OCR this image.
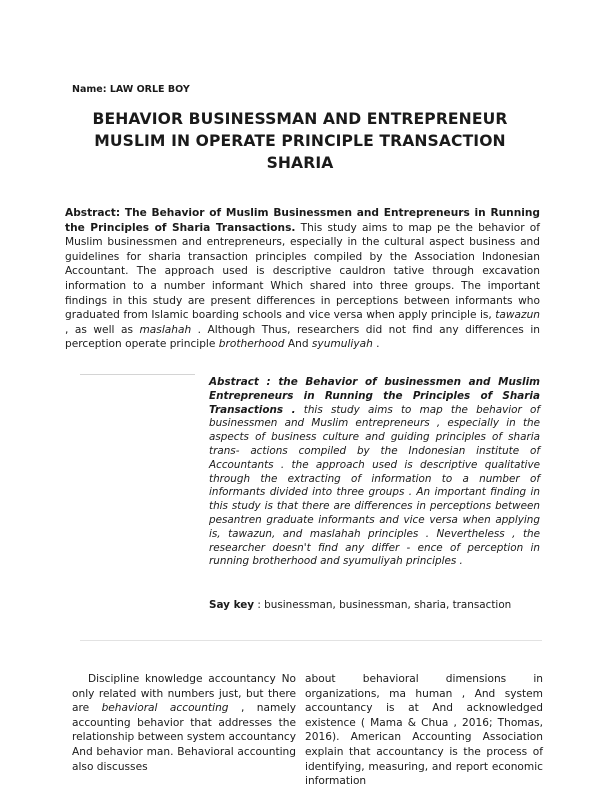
Name: LAW ORLE BOY
BEHAVIOR BUSINESSMAN AND ENTREPRENEUR MUSLIM IN OPERATE PRINCIPLE TRANSACTION SHARIA

Abstract: The Behavior of Muslim Businessmen and Entrepreneurs in Running the Principles of Sharia Transactions. This study aims to map pe the behavior of Muslim businessmen and entrepreneurs, especially in the cultural aspect business and guidelines for sharia transaction principles compiled by the Association Indonesian Accountant. The approach used is descriptive cauldron tative through excavation information to a number informant Which shared into three groups. The important findings in this study are present differences in perceptions between informants who graduated from Islamic boarding schools and vice versa when apply principle is, tawazun , as well as maslahah . Although Thus, researchers did not find any differences in perception operate principle brotherhood And syumuliyah .

Abstract : the Behavior of businessmen and Muslim Entrepreneurs in Running the Principles of Sharia Transactions . this study aims to map the behavior of businessmen and Muslim entrepreneurs , especially in the aspects of business culture and guiding principles of sharia trans- actions compiled by the Indonesian institute of Accountants . the approach used is descriptive qualitative through the extracting of information to a number of informants divided into three groups . An important finding in this study is that there are differences in perceptions between pesantren graduate informants and vice versa when applying is, tawazun, and maslahah principles . Nevertheless , the researcher doesn't find any differ - ence of perception in running brotherhood and syumuliyah principles .

Say key : businessman, businessman, sharia, transaction

Discipline knowledge accountancy No only related with numbers just, but there are behavioral accounting , namely accounting behavior that addresses the relationship between system accountancy And behavior man. Behavioral accounting also discusses

about behavioral dimensions in organizations, ma human , And system accountancy is at And acknowledged existence ( Mama & Chua , 2016; Thomas, 2016). American Accounting Association explain that accountancy is the process of identifying, measuring, and report economic information
